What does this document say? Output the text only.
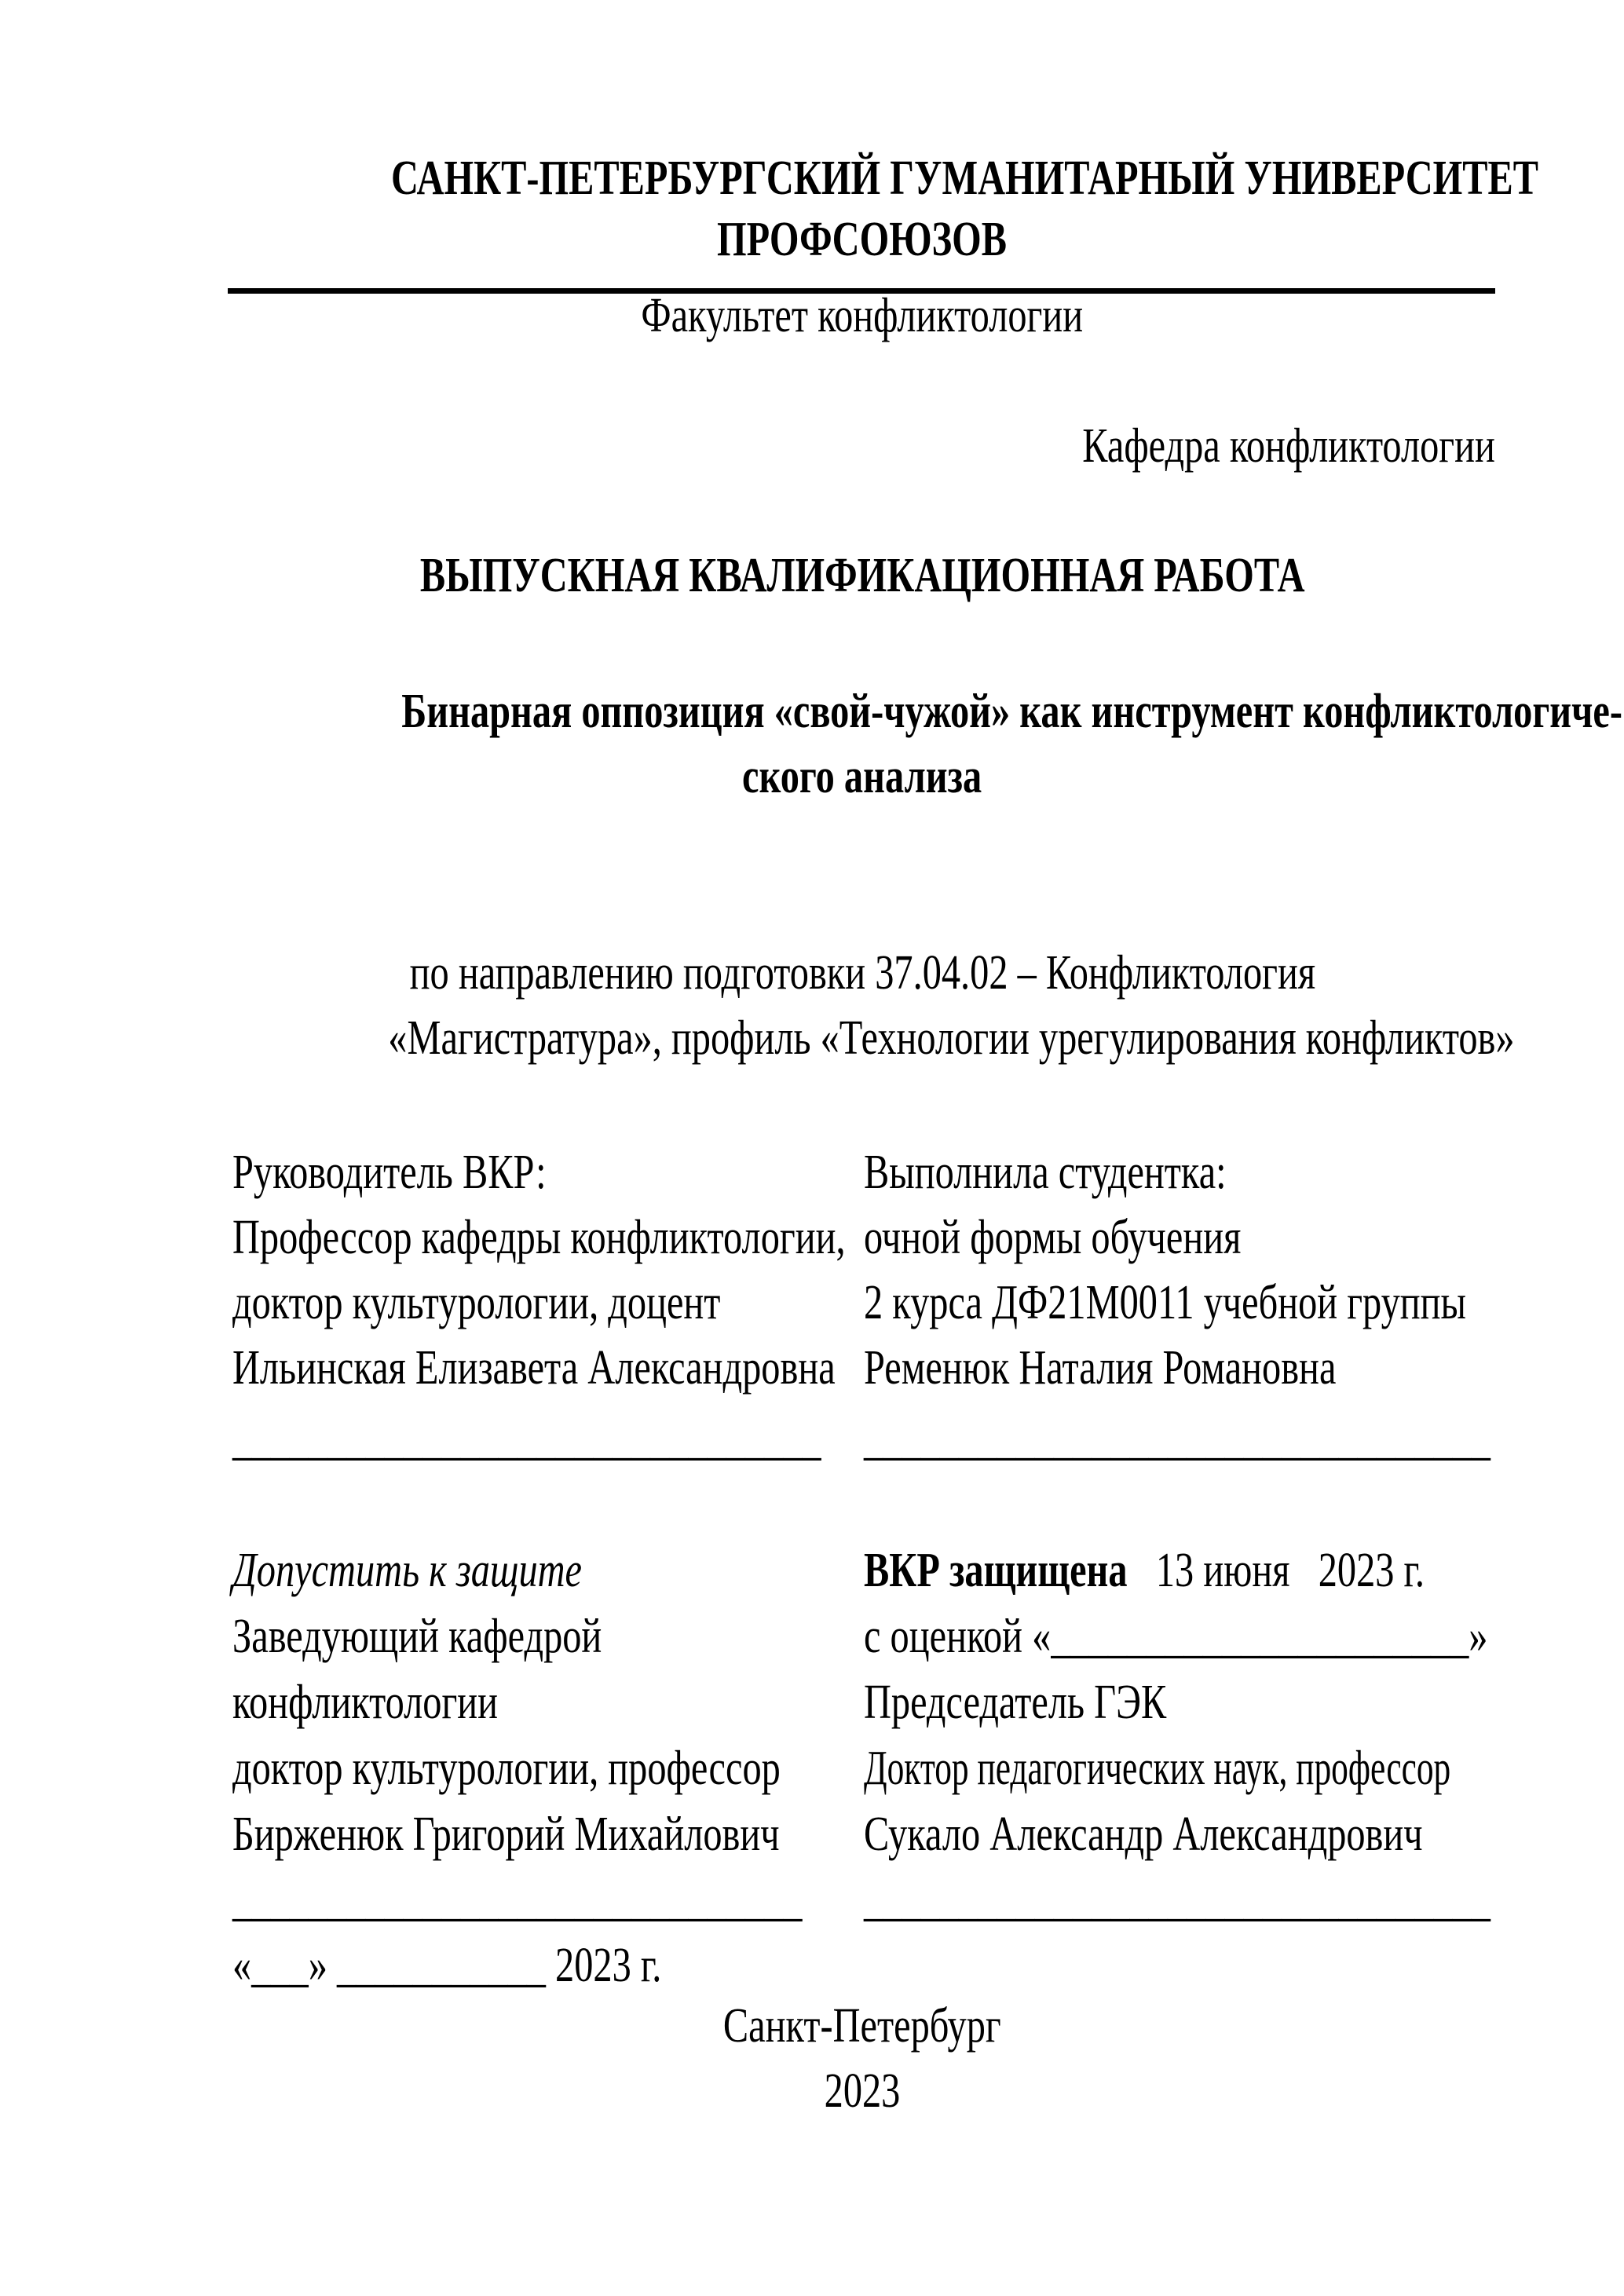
САНКТ-ПЕТЕРБУРГСКИЙ ГУМАНИТАРНЫЙ УНИВЕРСИТЕТ
ПРОФСОЮЗОВ
Факультет конфликтологии
Кафедра конфликтологии
ВЫПУСКНАЯ КВАЛИФИКАЦИОННАЯ РАБОТА
Бинарная оппозиция «свой-чужой» как инструмент конфликтологиче-
ского анализа
по направлению подготовки 37.04.02 – Конфликтология
«Магистратура», профиль «Технологии урегулирования конфликтов»
Руководитель ВКР:
Профессор кафедры конфликтологии,
доктор культурологии, доцент
Ильинская Елизавета Александровна
Выполнила студентка:
очной формы обучения
2 курса ДФ21М0011 учебной группы
Ременюк Наталия Романовна
_______________________________ _________________________________
Допустить к защите
Заведующий кафедрой
конфликтологии
доктор культурологии, профессор
Бирженюк Григорий Михайлович
ВКР защищена   13 июня   2023 г.
с оценкой «______________________»
Председатель ГЭК
Доктор педагогических наук, профессор
Сукало Александр Александрович
______________________________	_________________________________
«___» ___________ 2023 г.
Санкт-Петербург
2023
